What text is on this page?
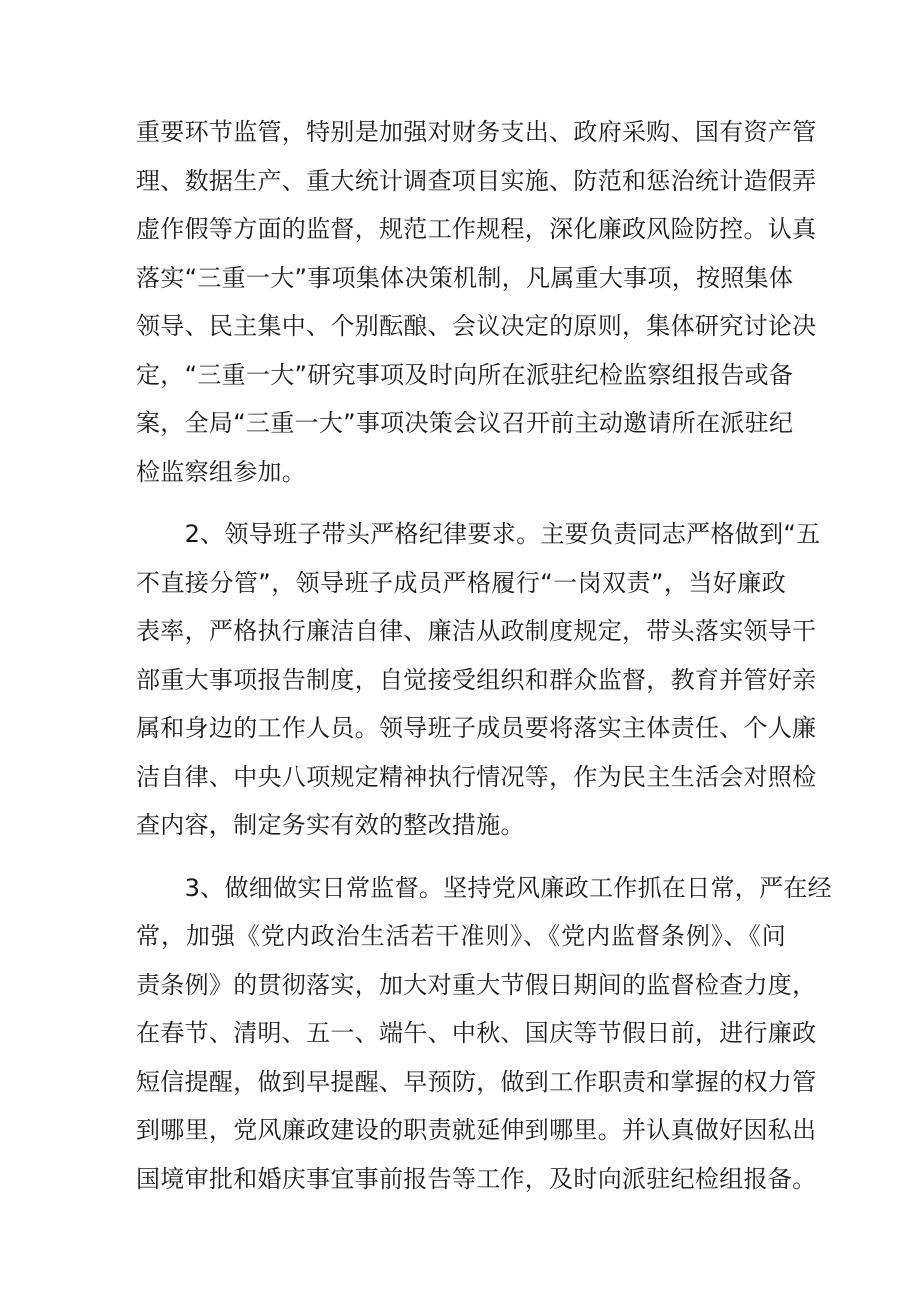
重要环节监管，特别是加强对财务支出、政府采购、国有资产管

理、数据生产、重大统计调查项目实施、防范和惩治统计造假弄

虚作假等方面的监督，规范工作规程，深化廉政风险防控。认真

落实“三重一大”事项集体决策机制，凡属重大事项，按照集体

领导、民主集中、个别酝酿、会议决定的原则，集体研究讨论决

定，“三重一大”研究事项及时向所在派驻纪检监察组报告或备

案，全局“三重一大”事项决策会议召开前主动邀请所在派驻纪

检监察组参加。

　　2、领导班子带头严格纪律要求。主要负责同志严格做到“五

不直接分管”，领导班子成员严格履行“一岗双责”，当好廉政

表率，严格执行廉洁自律、廉洁从政制度规定，带头落实领导干

部重大事项报告制度，自觉接受组织和群众监督，教育并管好亲

属和身边的工作人员。领导班子成员要将落实主体责任、个人廉

洁自律、中央八项规定精神执行情况等，作为民主生活会对照检

查内容，制定务实有效的整改措施。

　　3、做细做实日常监督。坚持党风廉政工作抓在日常，严在经

常，加强《党内政治生活若干准则》、《党内监督条例》、《问

责条例》的贯彻落实，加大对重大节假日期间的监督检查力度，

在春节、清明、五一、端午、中秋、国庆等节假日前，进行廉政

短信提醒，做到早提醒、早预防，做到工作职责和掌握的权力管

到哪里，党风廉政建设的职责就延伸到哪里。并认真做好因私出

国境审批和婚庆事宜事前报告等工作，及时向派驻纪检组报备。
